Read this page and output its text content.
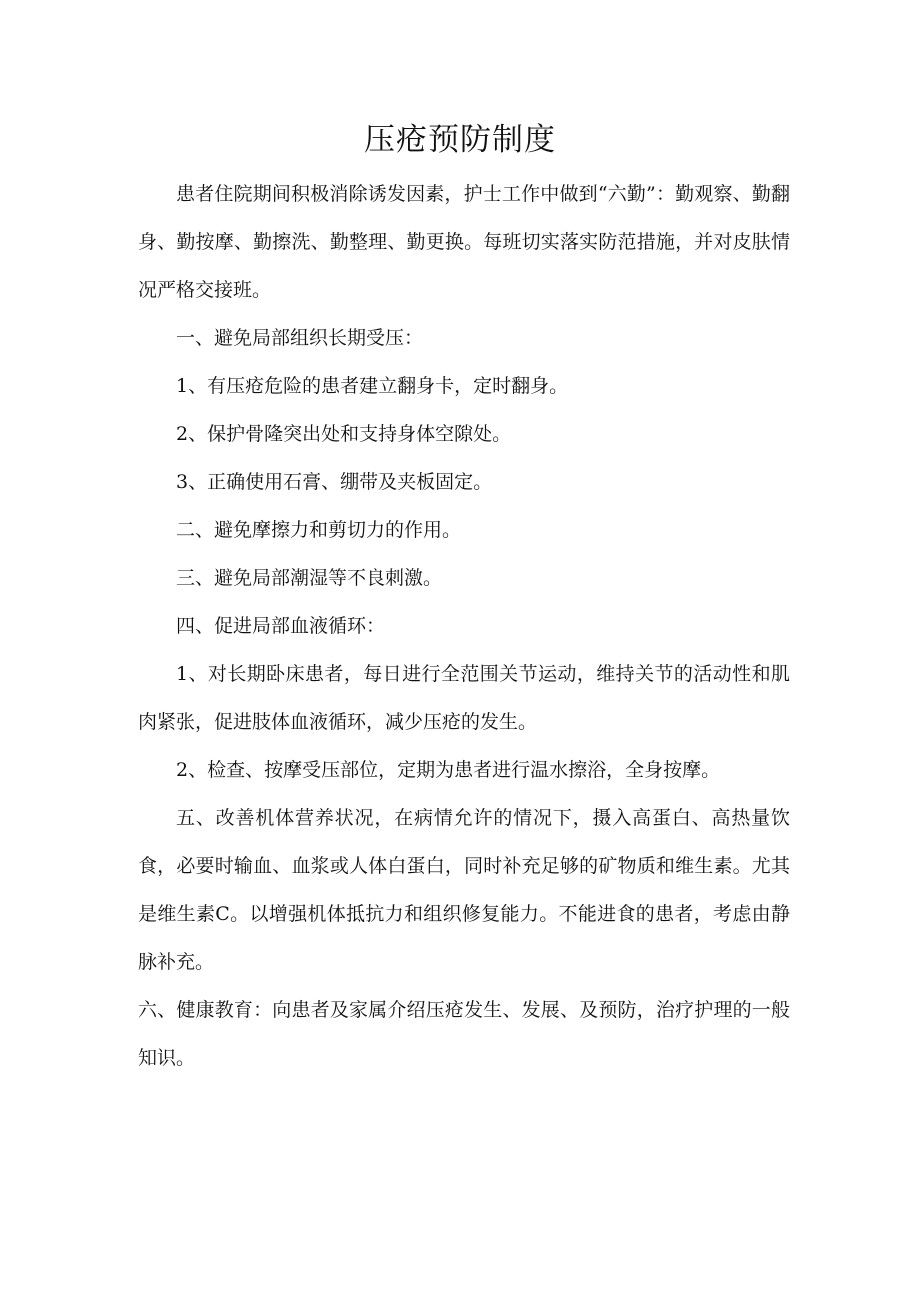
压疮预防制度

患者住院期间积极消除诱发因素，护士工作中做到“六勤”：勤观察、勤翻身、勤按摩、勤擦洗、勤整理、勤更换。每班切实落实防范措施，并对皮肤情况严格交接班。

一、避免局部组织长期受压：

1、有压疮危险的患者建立翻身卡，定时翻身。

2、保护骨隆突出处和支持身体空隙处。

3、正确使用石膏、绷带及夹板固定。

二、避免摩擦力和剪切力的作用。

三、避免局部潮湿等不良刺激。

四、促进局部血液循环：

1、对长期卧床患者，每日进行全范围关节运动，维持关节的活动性和肌肉紧张，促进肢体血液循环，减少压疮的发生。

2、检查、按摩受压部位，定期为患者进行温水擦浴，全身按摩。

五、改善机体营养状况，在病情允许的情况下，摄入高蛋白、高热量饮食，必要时输血、血浆或人体白蛋白，同时补充足够的矿物质和维生素。尤其是维生素C。以增强机体抵抗力和组织修复能力。不能进食的患者，考虑由静脉补充。

六、健康教育：向患者及家属介绍压疮发生、发展、及预防，治疗护理的一般知识。
